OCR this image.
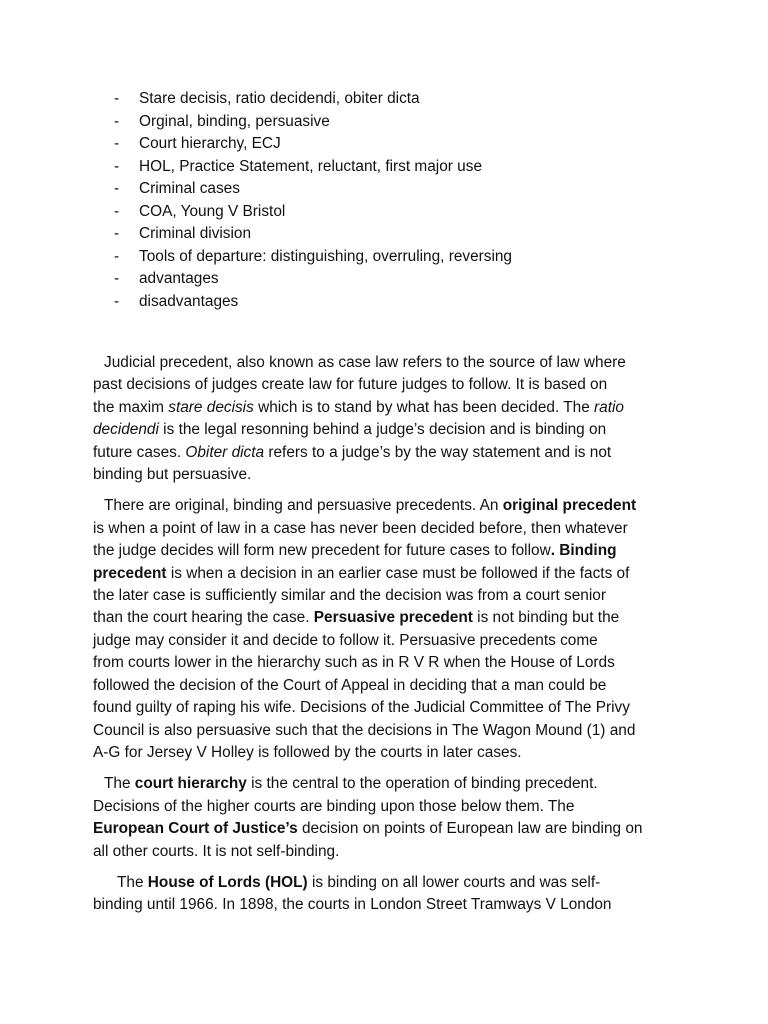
- Stare decisis, ratio decidendi, obiter dicta
- Orginal, binding, persuasive
- Court hierarchy, ECJ
- HOL, Practice Statement, reluctant, first major use
- Criminal cases
- COA, Young V Bristol
- Criminal division
- Tools of departure: distinguishing, overruling, reversing
- advantages
- disadvantages

Judicial precedent, also known as case law refers to the source of law where
past decisions of judges create law for future judges to follow. It is based on
the maxim stare decisis which is to stand by what has been decided. The ratio
decidendi is the legal resonning behind a judge’s decision and is binding on
future cases. Obiter dicta refers to a judge’s by the way statement and is not
binding but persuasive.

There are original, binding and persuasive precedents. An original precedent
is when a point of law in a case has never been decided before, then whatever
the judge decides will form new precedent for future cases to follow. Binding
precedent is when a decision in an earlier case must be followed if the facts of
the later case is sufficiently similar and the decision was from a court senior
than the court hearing the case. Persuasive precedent is not binding but the
judge may consider it and decide to follow it. Persuasive precedents come
from courts lower in the hierarchy such as in R V R when the House of Lords
followed the decision of the Court of Appeal in deciding that a man could be
found guilty of raping his wife. Decisions of the Judicial Committee of The Privy
Council is also persuasive such that the decisions in The Wagon Mound (1) and
A-G for Jersey V Holley is followed by the courts in later cases.

The court hierarchy is the central to the operation of binding precedent.
Decisions of the higher courts are binding upon those below them. The
European Court of Justice’s decision on points of European law are binding on
all other courts. It is not self-binding.

The House of Lords (HOL) is binding on all lower courts and was self-
binding until 1966. In 1898, the courts in London Street Tramways V London
